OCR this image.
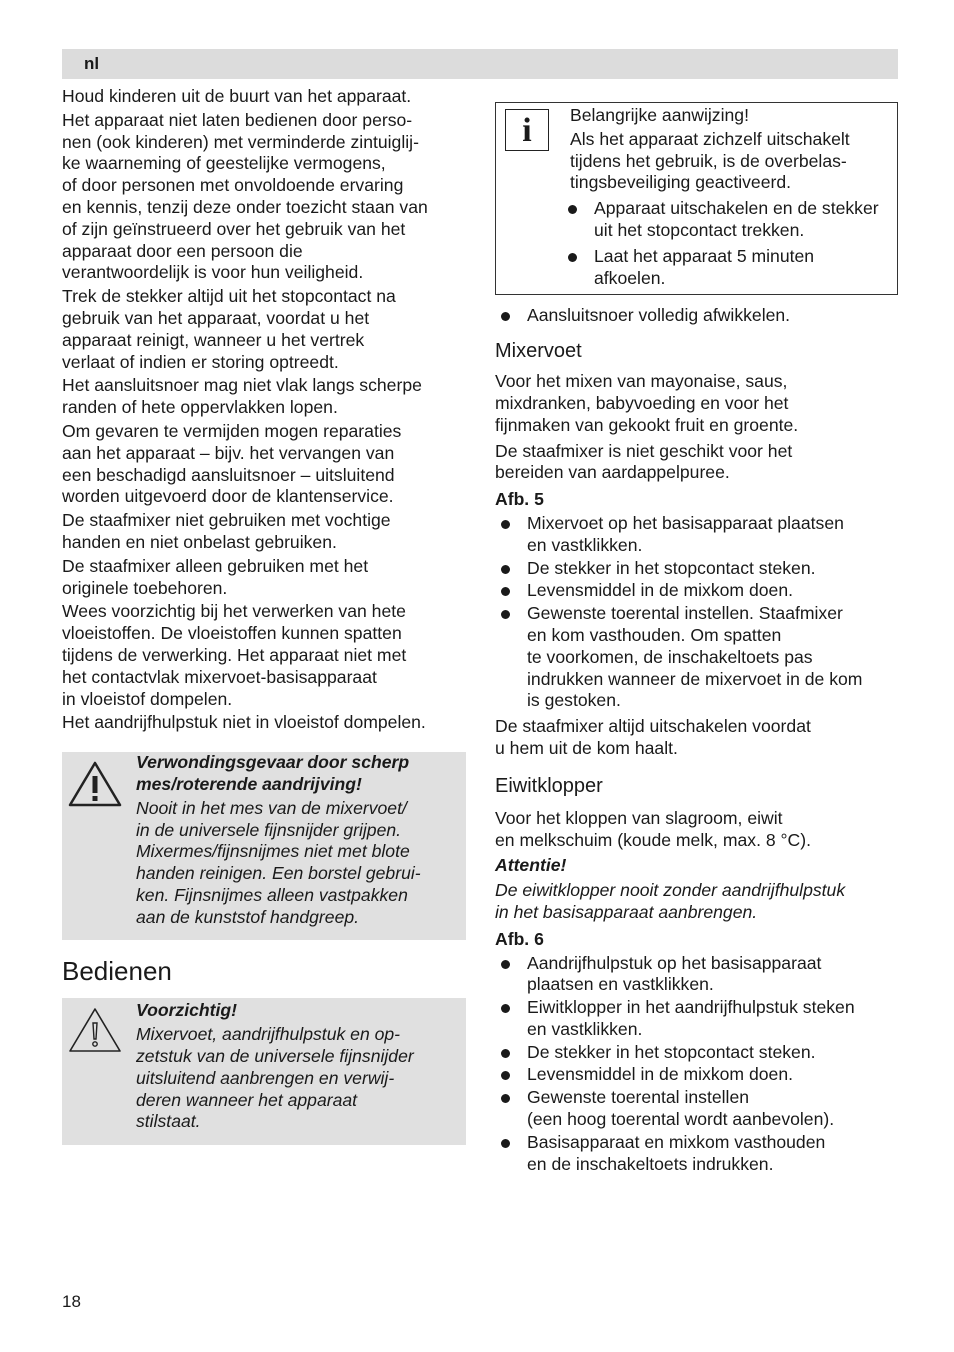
nl

Houd kinderen uit de buurt van het apparaat.

Het apparaat niet laten bedienen door perso-
nen (ook kinderen) met verminderde zintuiglij-
ke waarneming of geestelijke vermogens,
of door personen met onvoldoende ervaring
en kennis, tenzij deze onder toezicht staan van
of zijn geïnstrueerd over het gebruik van het
apparaat door een persoon die
verantwoordelijk is voor hun veiligheid.

Trek de stekker altijd uit het stopcontact na
gebruik van het apparaat, voordat u het
apparaat reinigt, wanneer u het vertrek
verlaat of indien er storing optreedt.

Het aansluitsnoer mag niet vlak langs scherpe
randen of hete oppervlakken lopen.

Om gevaren te vermijden mogen reparaties
aan het apparaat – bijv. het vervangen van
een beschadigd aansluitsnoer – uitsluitend
worden uitgevoerd door de klantenservice.

De staafmixer niet gebruiken met vochtige
handen en niet onbelast gebruiken.

De staafmixer alleen gebruiken met het
originele toebehoren.

Wees voorzichtig bij het verwerken van hete
vloeistoffen. De vloeistoffen kunnen spatten
tijdens de verwerking. Het apparaat niet met
het contactvlak mixervoet-basisapparaat
in vloeistof dompelen.

Het aandrijfhulpstuk niet in vloeistof dompelen.

Verwondingsgevaar door scherp
mes/roterende aandrijving!

Nooit in het mes van de mixervoet/
in de universele fijnsnijder grijpen.
Mixermes/fijnsnijmes niet met blote
handen reinigen. Een borstel gebrui-
ken. Fijnsnijmes alleen vastpakken
aan de kunststof handgreep.

Bedienen

Voorzichtig!

Mixervoet, aandrijfhulpstuk en op-
zetstuk van de universele fijnsnijder
uitsluitend aanbrengen en verwij-
deren wanneer het apparaat
stilstaat.

i	Belangrijke aanwijzing!

Als het apparaat zichzelf uitschakelt
tijdens het gebruik, is de overbelas-
tingsbeveiliging geactiveerd.

Apparaat uitschakelen en de stekker
uit het stopcontact trekken.
Laat het apparaat 5 minuten
afkoelen.
Aansluitsnoer volledig afwikkelen.
Mixervoet

Voor het mixen van mayonaise, saus,
mixdranken, babyvoeding en voor het
fijnmaken van gekookt fruit en groente.

De staafmixer is niet geschikt voor het
bereiden van aardappelpuree.

Afb. 5

Mixervoet op het basisapparaat plaatsen
en vastklikken.
De stekker in het stopcontact steken.
Levensmiddel in de mixkom doen.
Gewenste toerental instellen. Staafmixer
en kom vasthouden. Om spatten
te voorkomen, de inschakeltoets pas
indrukken wanneer de mixervoet in de kom
is gestoken.

De staafmixer altijd uitschakelen voordat
u hem uit de kom haalt.

Eiwitklopper

Voor het kloppen van slagroom, eiwit
en melkschuim (koude melk, max. 8 °C).

Attentie!

De eiwitklopper nooit zonder aandrijfhulpstuk
in het basisapparaat aanbrengen.

Afb. 6

Aandrijfhulpstuk op het basisapparaat
plaatsen en vastklikken.
Eiwitklopper in het aandrijfhulpstuk steken
en vastklikken.
De stekker in het stopcontact steken.
Levensmiddel in de mixkom doen.
Gewenste toerental instellen
(een hoog toerental wordt aanbevolen).
Basisapparaat en mixkom vasthouden
en de inschakeltoets indrukken.
18
